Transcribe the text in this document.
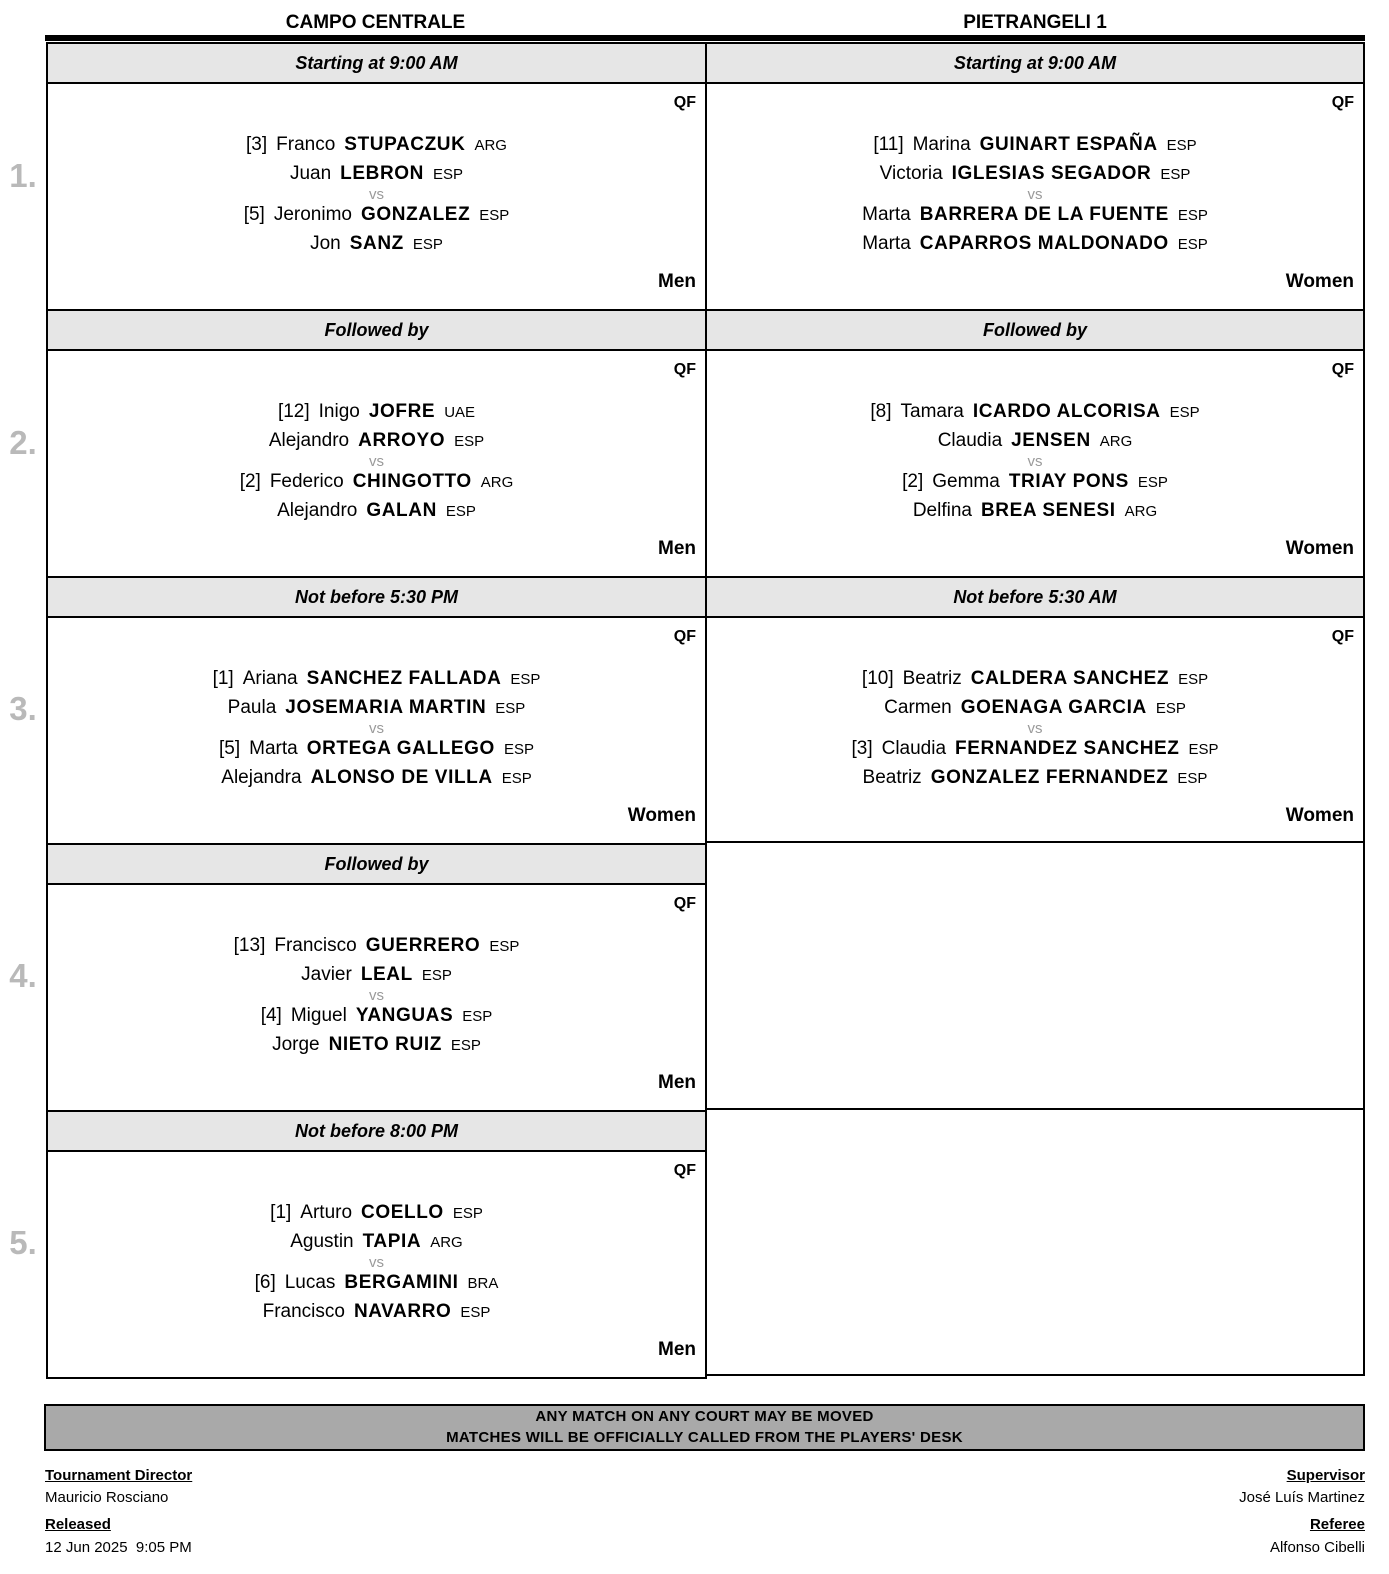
CAMPO CENTRALE	PIETRANGELI 1
1.
2.
3.
4.
5.
Starting at 9:00 AM
QF
[3] Franco STUPACZUK ARG
Juan LEBRON ESP
vs
[5] Jeronimo GONZALEZ ESP
Jon SANZ ESP
Men
Followed by
QF
[12] Inigo JOFRE UAE
Alejandro ARROYO ESP
vs
[2] Federico CHINGOTTO ARG
Alejandro GALAN ESP
Men
Not before 5:30 PM
QF
[1] Ariana SANCHEZ FALLADA ESP
Paula JOSEMARIA MARTIN ESP
vs
[5] Marta ORTEGA GALLEGO ESP
Alejandra ALONSO DE VILLA ESP
Women
Followed by
QF
[13] Francisco GUERRERO ESP
Javier LEAL ESP
vs
[4] Miguel YANGUAS ESP
Jorge NIETO RUIZ ESP
Men
Not before 8:00 PM
QF
[1] Arturo COELLO ESP
Agustin TAPIA ARG
vs
[6] Lucas BERGAMINI BRA
Francisco NAVARRO ESP
Men
Starting at 9:00 AM
QF
[11] Marina GUINART ESPAÑA ESP
Victoria IGLESIAS SEGADOR ESP
vs
Marta BARRERA DE LA FUENTE ESP
Marta CAPARROS MALDONADO ESP
Women
Followed by
QF
[8] Tamara ICARDO ALCORISA ESP
Claudia JENSEN ARG
vs
[2] Gemma TRIAY PONS ESP
Delfina BREA SENESI ARG
Women
Not before 5:30 AM
QF
[10] Beatriz CALDERA SANCHEZ ESP
Carmen GOENAGA GARCIA ESP
vs
[3] Claudia FERNANDEZ SANCHEZ ESP
Beatriz GONZALEZ FERNANDEZ ESP
Women
ANY MATCH ON ANY COURT MAY BE MOVED
MATCHES WILL BE OFFICIALLY CALLED FROM THE PLAYERS' DESK
Tournament Director
Mauricio Rosciano
Released
12 Jun 2025  9:05 PM
Supervisor
José Luís Martinez
Referee
Alfonso Cibelli
